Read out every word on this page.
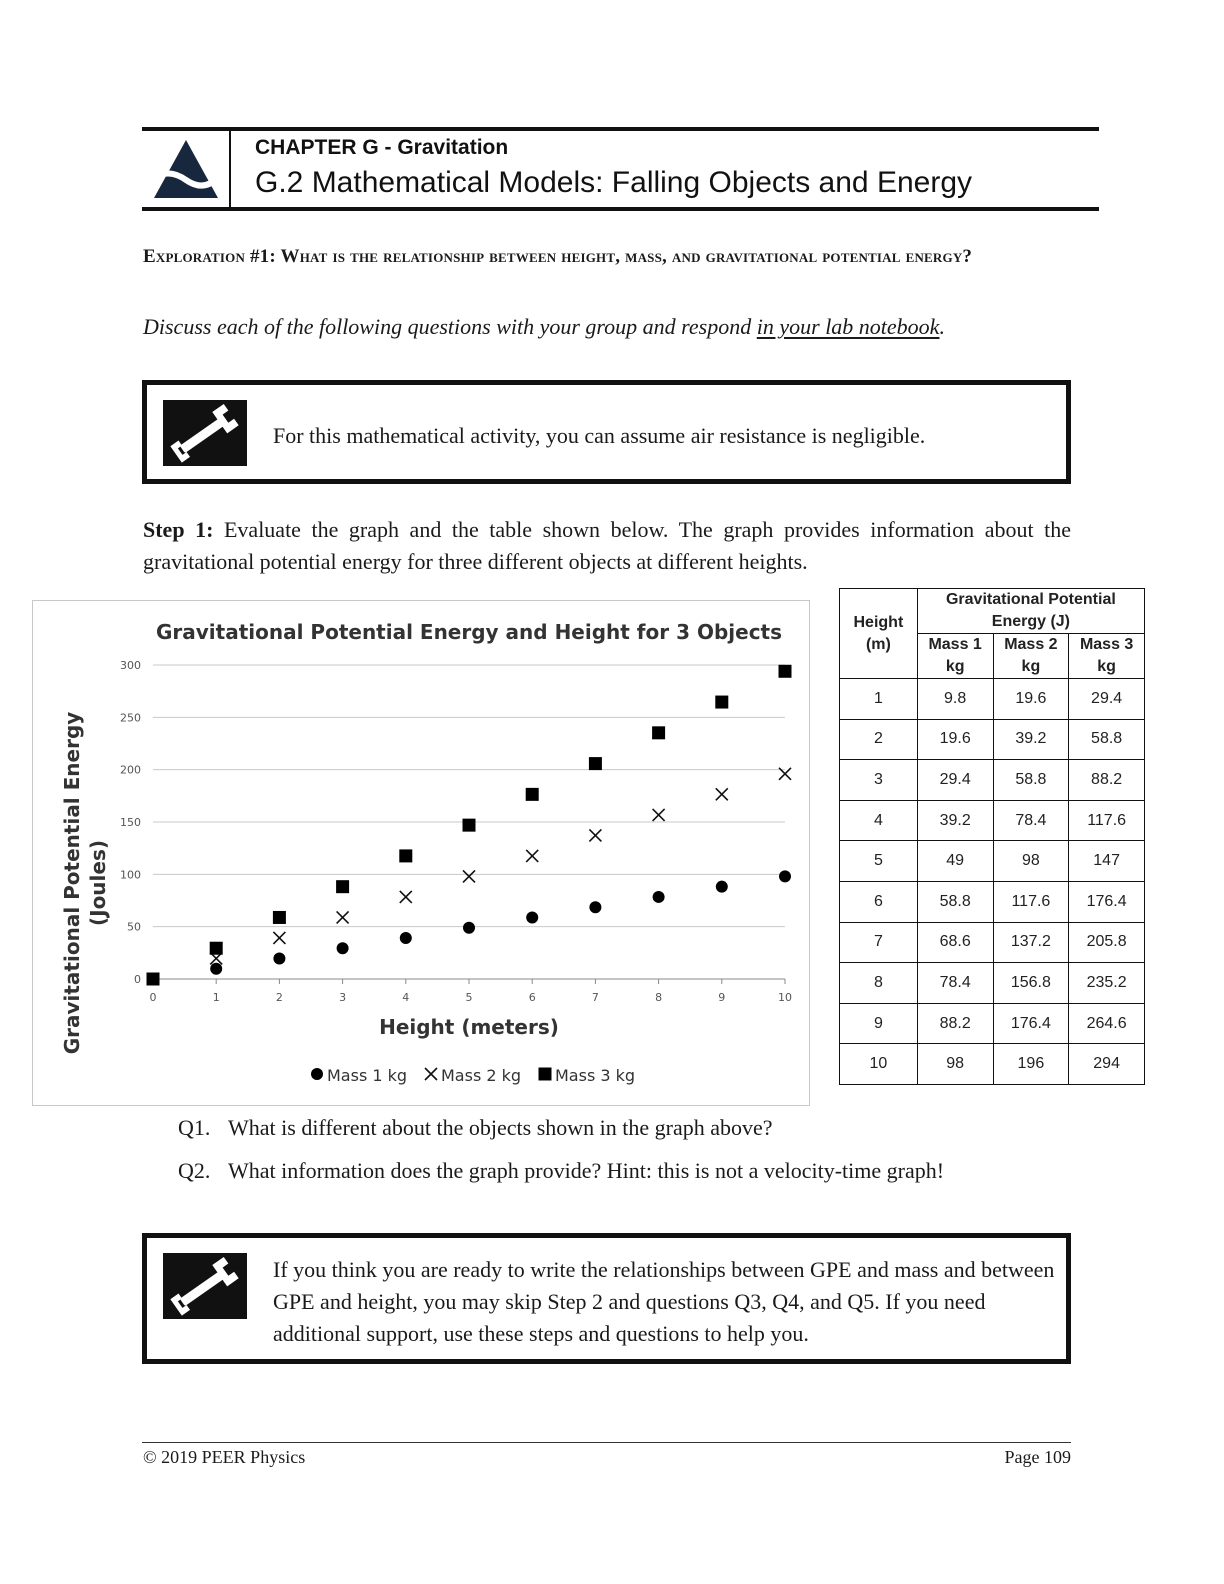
CHAPTER G - Gravitation
G.2 Mathematical Models: Falling Objects and Energy
Exploration #1: What is the relationship between height, mass, and gravitational potential energy?
Discuss each of the following questions with your group and respond in your lab notebook.
For this mathematical activity, you can assume air resistance is negligible.
Step 1: Evaluate the graph and the table shown below. The graph provides information about the gravitational potential energy for three different objects at different heights.
Gravitational Potential Energy and Height for 3 Objects
0
50
100
150
200
250
300
0	1	2	3	4	5	6	7	8	9	10
Height (meters)
Gravitational Potential Energy (Joules)
Mass 1 kg Mass 2 kg Mass 3 kg
Height (m)	Gravitational Potential Energy (J)		
	Mass 1 kg	Mass 2 kg	Mass 3 kg
1	9.8	19.6	29.4
2	19.6	39.2	58.8
3	29.4	58.8	88.2
4	39.2	78.4	117.6
5	49	98	147
6	58.8	117.6	176.4
7	68.6	137.2	205.8
8	78.4	156.8	235.2
9	88.2	176.4	264.6
10	98	196	294
Q1. What is different about the objects shown in the graph above?
Q2. What information does the graph provide? Hint: this is not a velocity-time graph!
If you think you are ready to write the relationships between GPE and mass and between GPE and height, you may skip Step 2 and questions Q3, Q4, and Q5. If you need additional support, use these steps and questions to help you.
© 2019 PEER Physics	Page 109
